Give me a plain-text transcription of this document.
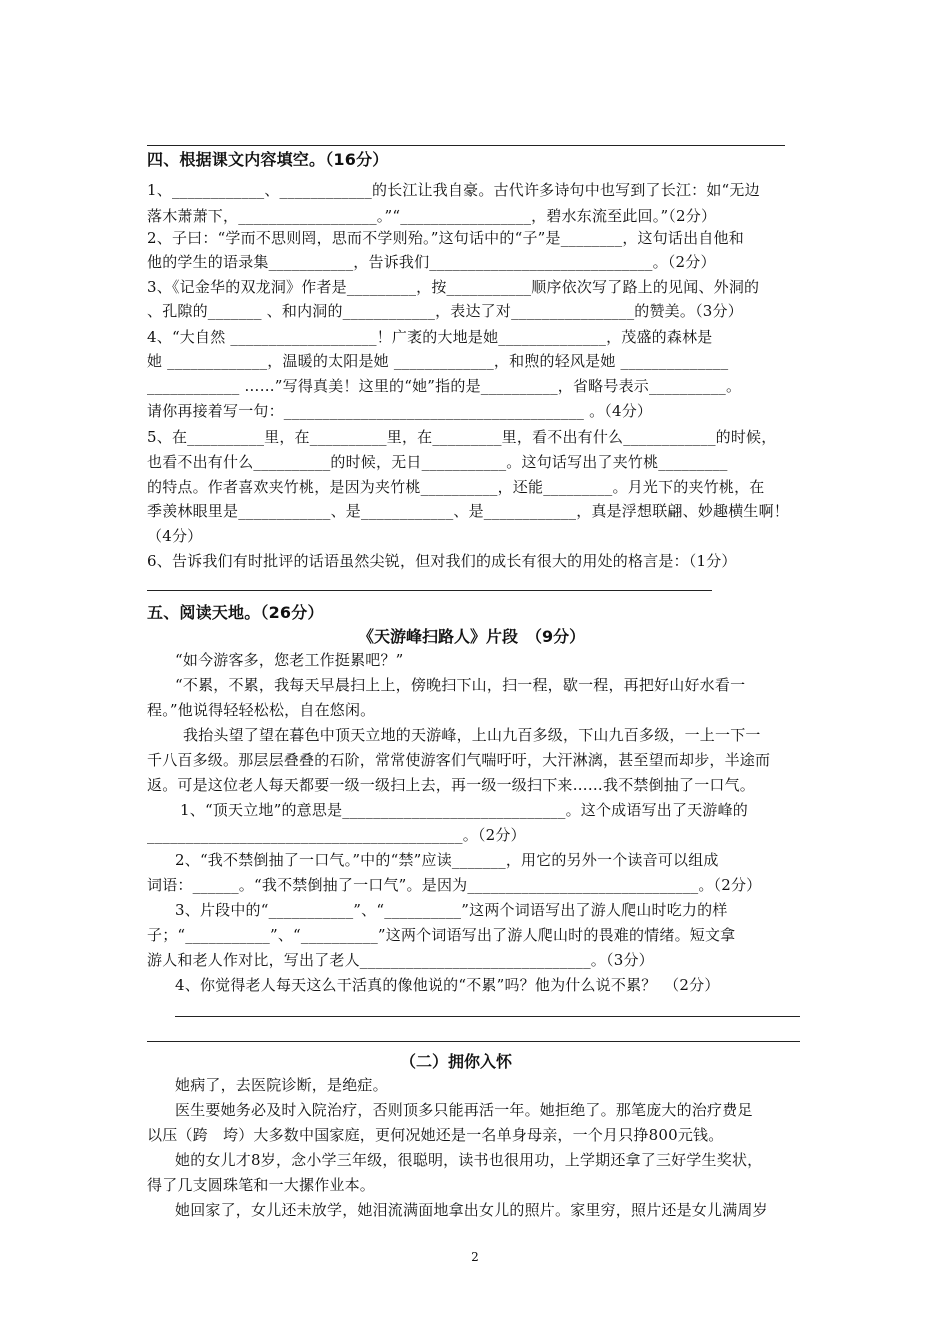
四、根据课文内容填空。（16分）
1、____________、____________的长江让我自豪。古代许多诗句中也写到了长江：如“无边
落木萧萧下，__________________。”“_________________，碧水东流至此回。”（2分）
2、子曰：“学而不思则罔，思而不学则殆。”这句话中的“子”是________，这句话出自他和
他的学生的语录集___________，告诉我们_____________________________。（2分）
3、《记金华的双龙洞》作者是_________，按___________顺序依次写了路上的见闻、外洞的
、孔隙的_______ 、和内洞的____________，表达了对________________的赞美。（3分）
4、“大自然 ___________________！广袤的大地是她______________，茂盛的森林是
她 _____________，温暖的太阳是她 _____________，和煦的轻风是她 ______________
____________ ……”写得真美！这里的“她”指的是__________，省略号表示__________。
请你再接着写一句：_______________________________________ 。（4分）
5、在__________里，在__________里，在_________里，看不出有什么____________的时候，
也看不出有什么__________的时候，无日___________。这句话写出了夹竹桃_________
的特点。作者喜欢夹竹桃，是因为夹竹桃__________，还能_________。月光下的夹竹桃，在
季羡林眼里是____________、是____________、是____________，真是浮想联翩、妙趣横生啊！
（4分）
6、告诉我们有时批评的话语虽然尖锐，但对我们的成长有很大的用处的格言是：（1分）
五、阅读天地。（26分）
《天游峰扫路人》片段　（9分）
“如今游客多，您老工作挺累吧？”
“不累，不累，我每天早晨扫上上，傍晚扫下山，扫一程，歇一程，再把好山好水看一
程。”他说得轻轻松松，自在悠闲。
我抬头望了望在暮色中顶天立地的天游峰，上山九百多级，下山九百多级，一上一下一
千八百多级。那层层叠叠的石阶，常常使游客们气喘吁吁，大汗淋漓，甚至望而却步，半途而
返。可是这位老人每天都要一级一级扫上去，再一级一级扫下来……我不禁倒抽了一口气。
1、“顶天立地”的意思是_____________________________。这个成语写出了天游峰的
_________________________________________。（2分）
2、“我不禁倒抽了一口气。”中的“禁”应读_______，用它的另外一个读音可以组成
词语：______。“我不禁倒抽了一口气”。是因为______________________________。（2分）
3、片段中的“___________”、“__________”这两个词语写出了游人爬山时吃力的样
子；“___________”、“__________”这两个词语写出了游人爬山时的畏难的情绪。短文拿
游人和老人作对比，写出了老人______________________________。（3分）
4、你觉得老人每天这么干活真的像他说的“不累”吗？他为什么说不累？　（2分）
（二）拥你入怀
她病了，去医院诊断，是绝症。
医生要她务必及时入院治疗，否则顶多只能再活一年。她拒绝了。那笔庞大的治疗费足
以压（跨　垮）大多数中国家庭，更何况她还是一名单身母亲，一个月只挣800元钱。
她的女儿才8岁，念小学三年级，很聪明，读书也很用功，上学期还拿了三好学生奖状，
得了几支圆珠笔和一大摞作业本。
她回家了，女儿还未放学，她泪流满面地拿出女儿的照片。家里穷，照片还是女儿满周岁
2
